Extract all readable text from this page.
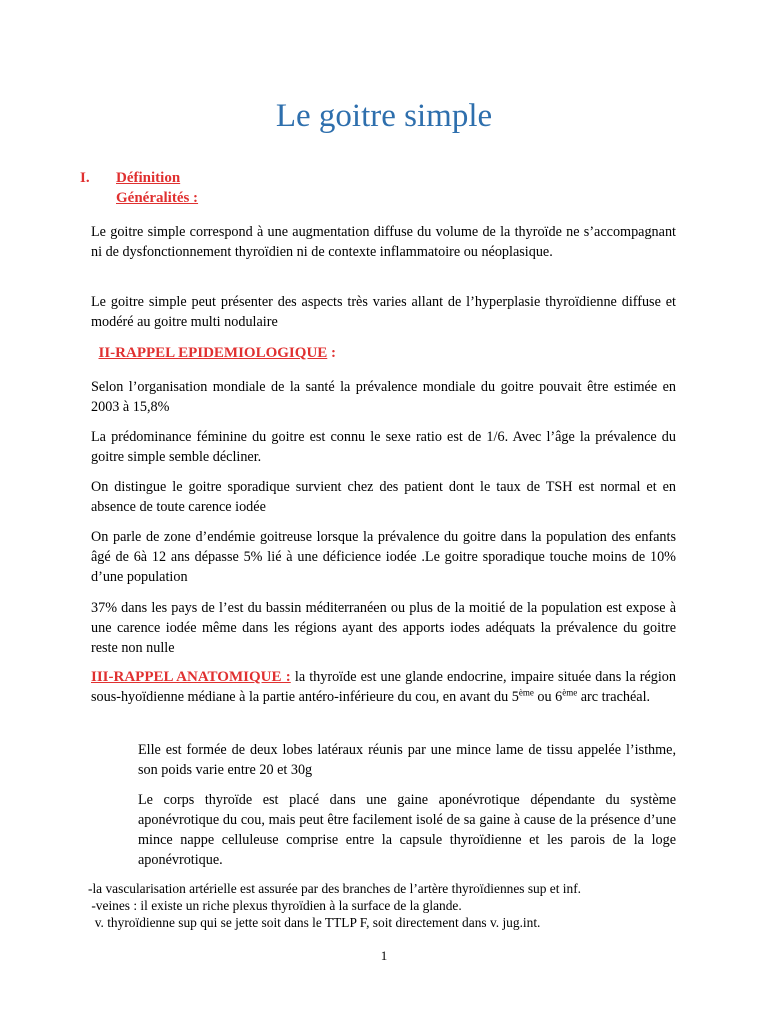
Le goitre simple
I. Définition
Généralités :

Le goitre simple correspond à une augmentation diffuse du volume de la thyroïde ne s’accompagnant ni de dysfonctionnement thyroïdien ni de contexte inflammatoire ou néoplasique.

Le goitre simple peut présenter des aspects très varies allant de l’hyperplasie thyroïdienne diffuse et modéré au goitre multi nodulaire

II-RAPPEL EPIDEMIOLOGIQUE :

Selon l’organisation mondiale de la santé la prévalence mondiale du goitre pouvait être estimée en 2003 à 15,8%

La prédominance féminine du goitre est connu le sexe ratio est de 1/6. Avec l’âge la prévalence du goitre simple semble décliner.

On distingue le goitre sporadique survient chez des patient dont le taux de TSH est normal et en absence de toute carence iodée

On parle de zone d’endémie goitreuse lorsque la prévalence du goitre dans la population des enfants âgé de 6à 12 ans dépasse 5% lié à une déficience iodée .Le goitre sporadique touche moins de 10% d’une population

37% dans les pays de l’est du bassin méditerranéen ou plus de la moitié de la population est expose à une carence iodée même dans les régions ayant des apports iodes adéquats la prévalence du goitre reste non nulle

III-RAPPEL ANATOMIQUE : la thyroïde est une glande endocrine, impaire située dans la région sous-hyoïdienne médiane à la partie antéro-inférieure du cou, en avant du 5ème ou 6ème arc trachéal.

Elle est formée de deux lobes latéraux réunis par une mince lame de tissu appelée l’isthme, son poids varie entre 20 et 30g

Le corps thyroïde est placé dans une gaine aponévrotique dépendante du système aponévrotique du cou, mais peut être facilement isolé de sa gaine à cause de la présence d’une mince nappe celluleuse comprise entre la capsule thyroïdienne et les parois de la loge aponévrotique.

-la vascularisation artérielle est assurée par des branches de l’artère thyroïdiennes sup et inf.

-veines : il existe un riche plexus thyroïdien à la surface de la glande.

v. thyroïdienne sup qui se jette soit dans le TTLP F, soit directement dans v. jug.int.

1
